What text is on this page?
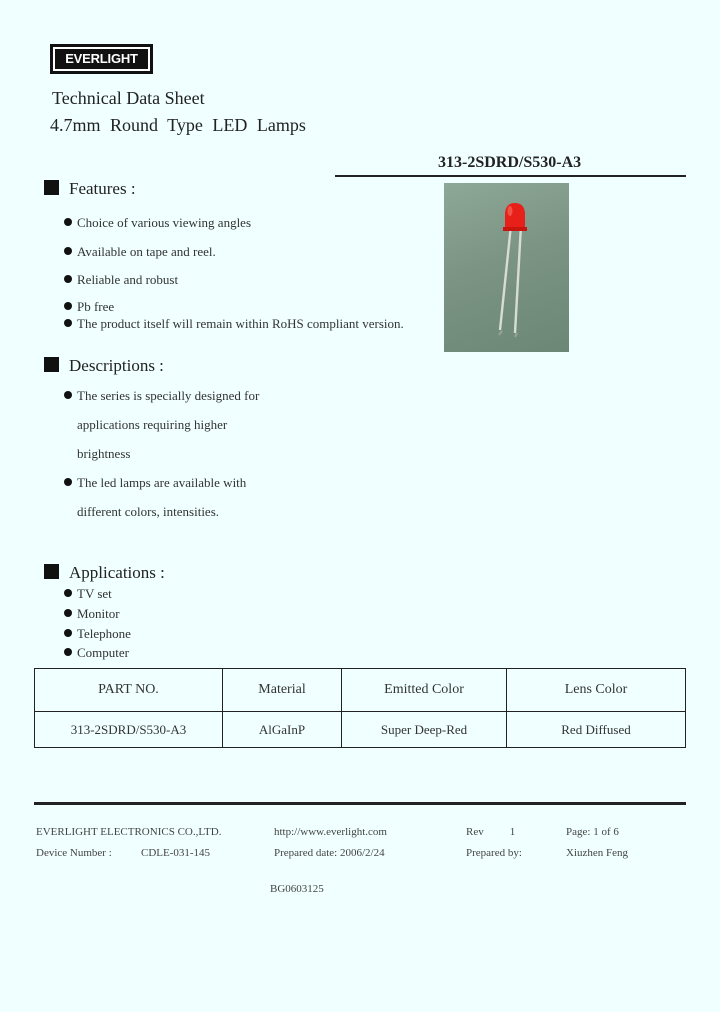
EVERLIGHT
Technical Data Sheet
4.7mm Round Type LED Lamps
313-2SDRD/S530-A3
Features :
Choice of various viewing angles
Available on tape and reel.
Reliable and robust
Pb free
The product itself will remain within RoHS compliant version.
Descriptions :
The series is specially designed for
applications requiring higher
brightness
The led lamps are available with
different colors, intensities.
Applications :
TV set
Monitor
Telephone
Computer
PART NO.	Material	Emitted Color	Lens Color
313-2SDRD/S530-A3	AlGaInP	Super Deep-Red	Red Diffused
EVERLIGHT ELECTRONICS CO.,LTD.	http://www.everlight.com	Rev 1	Page: 1 of 6
Device Number :	CDLE-031-145	Prepared date: 2006/2/24	Prepared by:	Xiuzhen Feng
BG0603125
